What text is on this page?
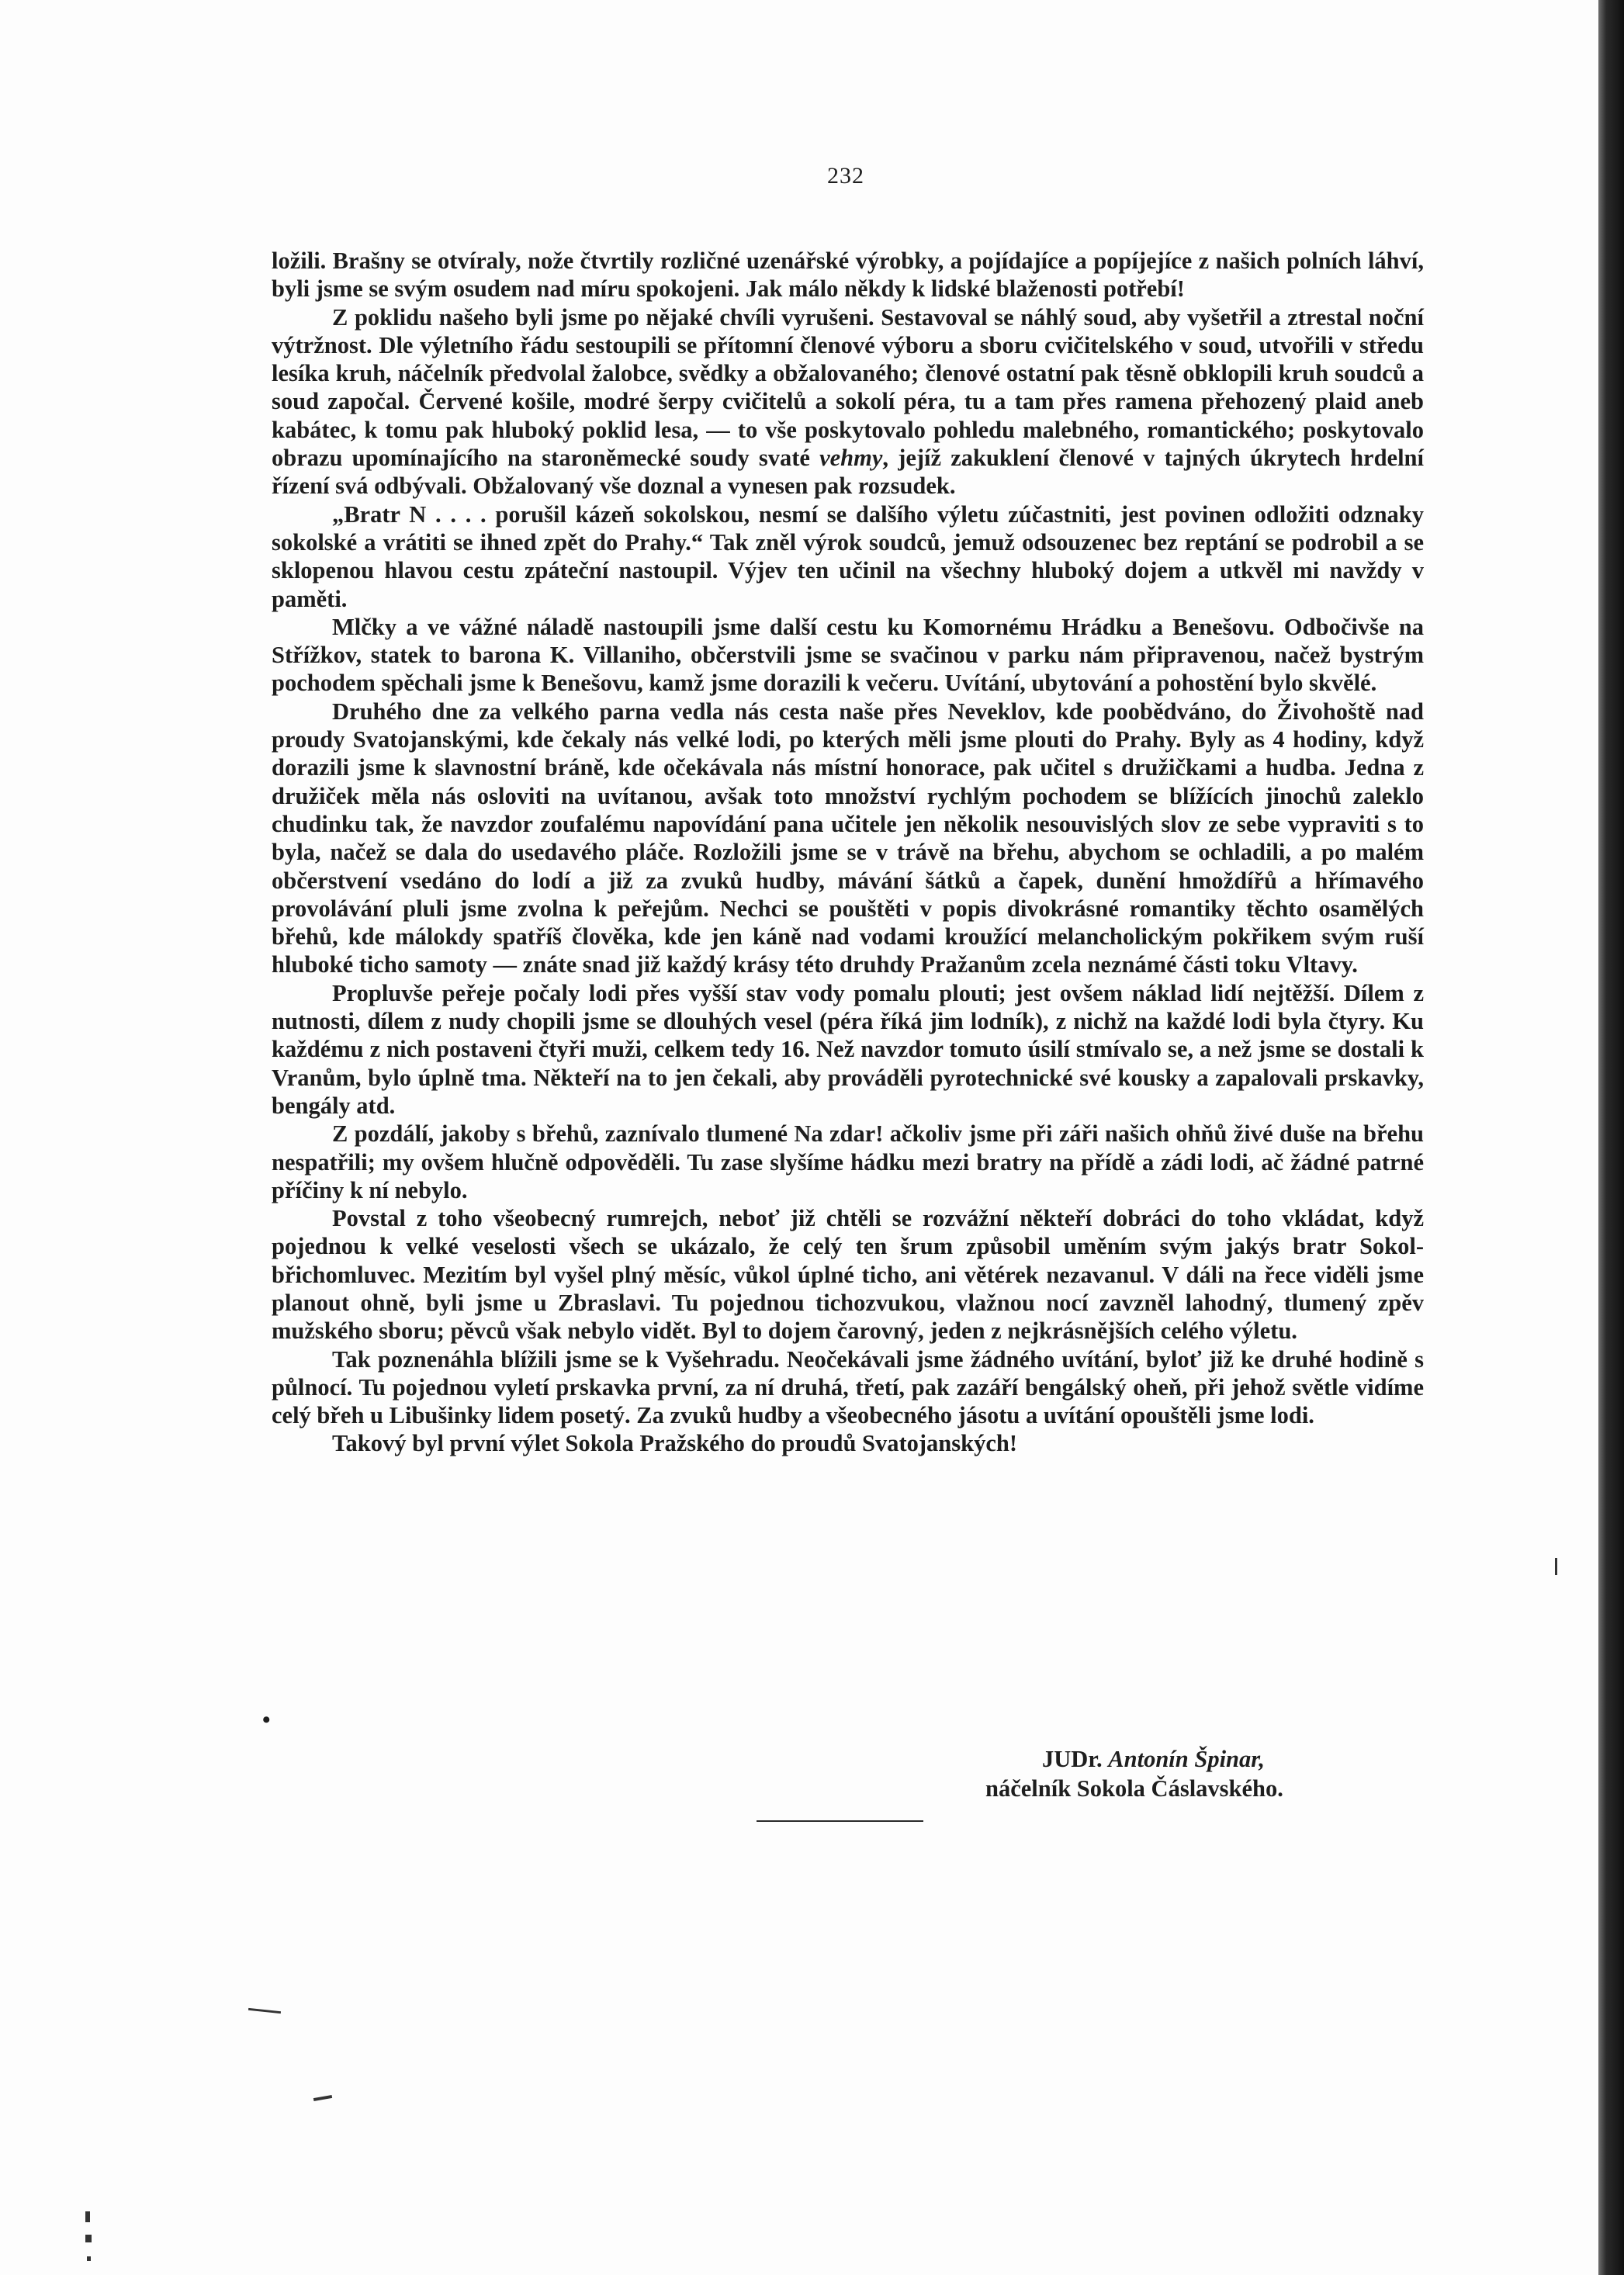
232

ložili. Brašny se otvíraly, nože čtvrtily rozličné uzenářské výrobky, a pojídajíce a popíjejíce z našich polních láhví, byli jsme se svým osudem nad míru spokojeni. Jak málo někdy k lidské blaženosti potřebí!

Z poklidu našeho byli jsme po nějaké chvíli vyrušeni. Sestavoval se náhlý soud, aby vyšetřil a ztrestal noční výtržnost. Dle výletního řádu sestoupili se přítomní členové výboru a sboru cvičitelského v soud, utvořili v středu lesíka kruh, náčelník předvolal žalobce, svědky a obžalovaného; členové ostatní pak těsně obklopili kruh soudců a soud započal. Červené košile, modré šerpy cvičitelů a sokolí péra, tu a tam přes ramena přehozený plaid aneb kabátec, k tomu pak hluboký poklid lesa, — to vše poskytovalo pohledu malebného, romantického; poskytovalo obrazu upomínajícího na staroněmecké soudy svaté vehmy, jejíž zakuklení členové v tajných úkrytech hrdelní řízení svá odbývali. Obžalovaný vše doznal a vynesen pak rozsudek.

„Bratr N . . . . porušil kázeň sokolskou, nesmí se dalšího výletu zúčastniti, jest povinen odložiti odznaky sokolské a vrátiti se ihned zpět do Prahy.“ Tak zněl výrok soudců, jemuž odsouzenec bez reptání se podrobil a se sklopenou hlavou cestu zpáteční nastoupil. Výjev ten učinil na všechny hluboký dojem a utkvěl mi navždy v paměti.

Mlčky a ve vážné náladě nastoupili jsme další cestu ku Komornému Hrádku a Benešovu. Odbočivše na Střížkov, statek to barona K. Villaniho, občerstvili jsme se svačinou v parku nám připravenou, načež bystrým pochodem spěchali jsme k Benešovu, kamž jsme dorazili k večeru. Uvítání, ubytování a pohostění bylo skvělé.

Druhého dne za velkého parna vedla nás cesta naše přes Neveklov, kde poobědváno, do Živohoště nad proudy Svatojanskými, kde čekaly nás velké lodi, po kterých měli jsme plouti do Prahy. Byly as 4 hodiny, když dorazili jsme k slavnostní bráně, kde očekávala nás místní honorace, pak učitel s družičkami a hudba. Jedna z družiček měla nás osloviti na uvítanou, avšak toto množství rychlým pochodem se blížících jinochů zaleklo chudinku tak, že navzdor zoufalému napovídání pana učitele jen několik nesouvislých slov ze sebe vypraviti s to byla, načež se dala do usedavého pláče. Rozložili jsme se v trávě na břehu, abychom se ochladili, a po malém občerstvení vsedáno do lodí a již za zvuků hudby, mávání šátků a čapek, dunění hmoždířů a hřímavého provolávání pluli jsme zvolna k peřejům. Nechci se pouštěti v popis divokrásné romantiky těchto osamělých břehů, kde málokdy spatříš člověka, kde jen káně nad vodami kroužící melancholickým pokřikem svým ruší hluboké ticho samoty — znáte snad již každý krásy této druhdy Pražanům zcela neznámé části toku Vltavy.

Propluvše peřeje počaly lodi přes vyšší stav vody pomalu plouti; jest ovšem náklad lidí nejtěžší. Dílem z nutnosti, dílem z nudy chopili jsme se dlouhých vesel (péra říká jim lodník), z nichž na každé lodi byla čtyry. Ku každému z nich postaveni čtyři muži, celkem tedy 16. Než navzdor tomuto úsilí stmívalo se, a než jsme se dostali k Vranům, bylo úplně tma. Někteří na to jen čekali, aby prováděli pyrotechnické své kousky a zapalovali prskavky, bengály atd.

Z pozdálí, jakoby s břehů, zaznívalo tlumené Na zdar! ačkoliv jsme při záři našich ohňů živé duše na břehu nespatřili; my ovšem hlučně odpověděli. Tu zase slyšíme hádku mezi bratry na přídě a zádi lodi, ač žádné patrné příčiny k ní nebylo.

Povstal z toho všeobecný rumrejch, neboť již chtěli se rozvážní někteří dobráci do toho vkládat, když pojednou k velké veselosti všech se ukázalo, že celý ten šrum způsobil uměním svým jakýs bratr Sokol-břichomluvec. Mezitím byl vyšel plný měsíc, vůkol úplné ticho, ani větérek nezavanul. V dáli na řece viděli jsme planout ohně, byli jsme u Zbraslavi. Tu pojednou tichozvukou, vlažnou nocí zavzněl lahodný, tlumený zpěv mužského sboru; pěvců však nebylo vidět. Byl to dojem čarovný, jeden z nejkrásnějších celého výletu.

Tak poznenáhla blížili jsme se k Vyšehradu. Neočekávali jsme žádného uvítání, byloť již ke druhé hodině s půlnocí. Tu pojednou vyletí prskavka první, za ní druhá, třetí, pak zazáří bengálský oheň, při jehož světle vidíme celý břeh u Libušinky lidem posetý. Za zvuků hudby a všeobecného jásotu a uvítání opouštěli jsme lodi.

Takový byl první výlet Sokola Pražského do proudů Svatojanských!

•
JUDr. Antonín Špinar,
náčelník Sokola Čáslavského.
